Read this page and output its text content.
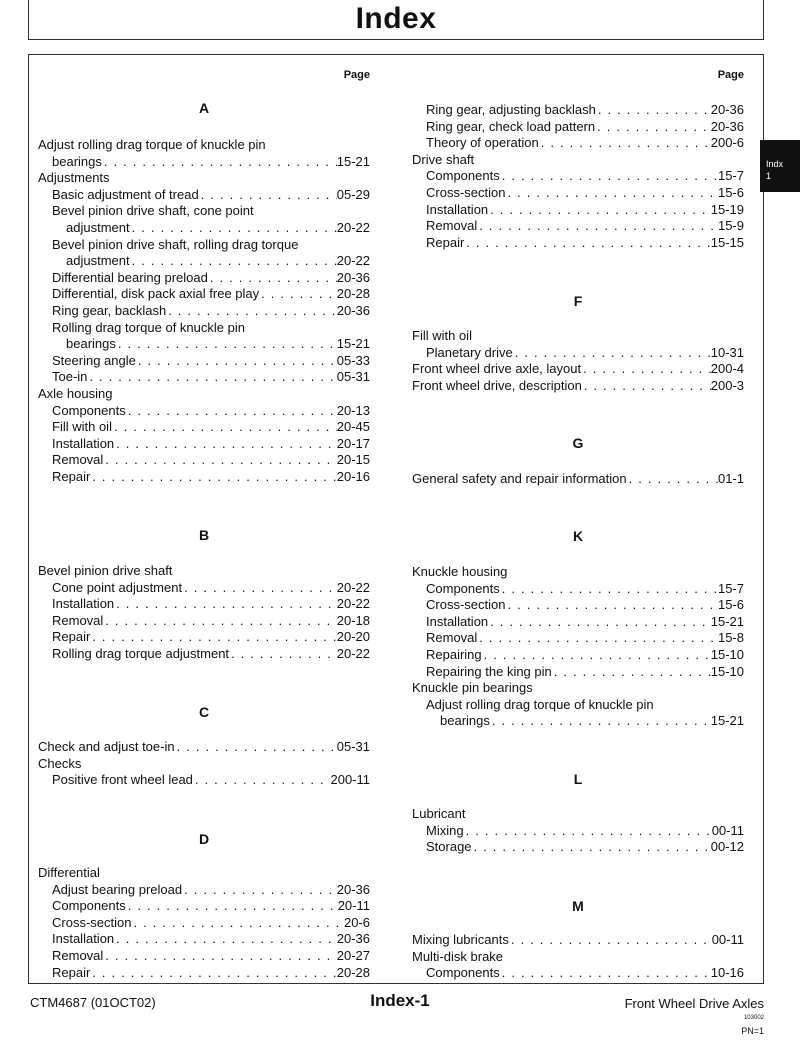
Index
Page	Page
Indx
1
A
Adjust rolling drag torque of knuckle pin
bearings . . .	15-21
Adjustments
Basic adjustment of tread . . .	05-29
Bevel pinion drive shaft, cone point
adjustment . . .	20-22
Bevel pinion drive shaft, rolling drag torque
adjustment . . .	20-22
Differential bearing preload . . .	20-36
Differential, disk pack axial free play . . .	20-28
Ring gear, backlash . . .	20-36
Rolling drag torque of knuckle pin
bearings . . .	15-21
Steering angle . . .	05-33
Toe-in . . .	05-31
Axle housing
Components . . .	20-13
Fill with oil . . .	20-45
Installation . . .	20-17
Removal . . .	20-15
Repair . . .	20-16
B
Bevel pinion drive shaft
Cone point adjustment . . .	20-22
Installation . . .	20-22
Removal . . .	20-18
Repair . . .	20-20
Rolling drag torque adjustment . . .	20-22
C
Check and adjust toe-in . . .	05-31
Checks
Positive front wheel lead . . .	200-11
D
Differential
Adjust bearing preload . . .	20-36
Components . . .	20-11
Cross-section . . .	20-6
Installation . . .	20-36
Removal . . .	20-27
Repair . . .	20-28
Ring gear, adjusting backlash . . .	20-36
Ring gear, check load pattern . . .	20-36
Theory of operation . . .	200-6
Drive shaft
Components . . .	15-7
Cross-section . . .	15-6
Installation . . .	15-19
Removal . . .	15-9
Repair . . .	15-15
F
Fill with oil
Planetary drive . . .	10-31
Front wheel drive axle, layout . . .	200-4
Front wheel drive, description . . .	200-3
G
General safety and repair information . . .	01-1
K
Knuckle housing
Components . . .	15-7
Cross-section . . .	15-6
Installation . . .	15-21
Removal . . .	15-8
Repairing . . .	15-10
Repairing the king pin . . .	15-10
Knuckle pin bearings
Adjust rolling drag torque of knuckle pin
bearings . . .	15-21
L
Lubricant
Mixing . . .	00-11
Storage . . .	00-12
M
Mixing lubricants . . .	00-11
Multi-disk brake
Components . . .	10-16
CTM4687 (01OCT02)	Index-1	Front Wheel Drive Axles
103002
PN=1
